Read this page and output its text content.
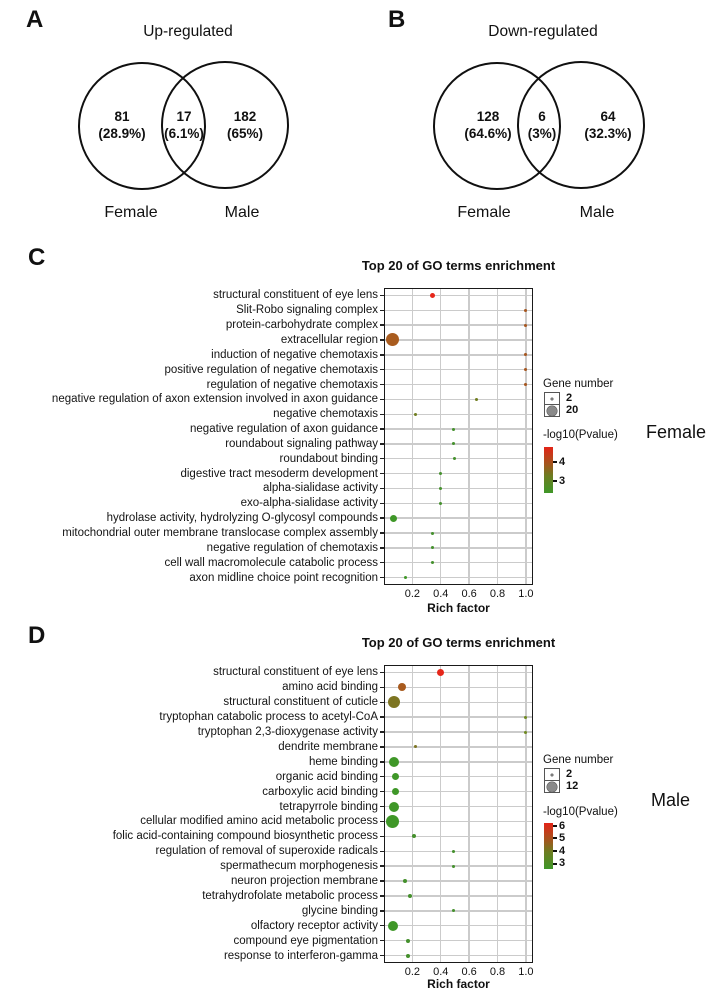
A	Up-regulated
81
(28.9%)
17
(6.1%)
182
(65%)
Female	Male
B	Down-regulated
128
(64.6%)
6
(3%)
64
(32.3%)
Female	Male
C
D
Top 20 of GO terms enrichment
0.2	0.4	0.6	0.8	1.0
structural constituent of eye lens
Slit-Robo signaling complex
protein-carbohydrate complex
extracellular region
induction of negative chemotaxis
positive regulation of negative chemotaxis
regulation of negative chemotaxis
negative regulation of axon extension involved in axon guidance
negative chemotaxis
negative regulation of axon guidance
roundabout signaling pathway
roundabout binding
digestive tract mesoderm development
alpha-sialidase activity
exo-alpha-sialidase activity
hydrolase activity, hydrolyzing O-glycosyl compounds
mitochondrial outer membrane translocase complex assembly
negative regulation of chemotaxis
cell wall macromolecule catabolic process
axon midline choice point recognition
Rich factor
Gene number
2
20
-log10(Pvalue)
4
3
Female
Top 20 of GO terms enrichment
0.2	0.4	0.6	0.8	1.0
structural constituent of eye lens
amino acid binding
structural constituent of cuticle
tryptophan catabolic process to acetyl-CoA
tryptophan 2,3-dioxygenase activity
dendrite membrane
heme binding
organic acid binding
carboxylic acid binding
tetrapyrrole binding
cellular modified amino acid metabolic process
folic acid-containing compound biosynthetic process
regulation of removal of superoxide radicals
spermathecum morphogenesis
neuron projection membrane
tetrahydrofolate metabolic process
glycine binding
olfactory receptor activity
compound eye pigmentation
response to interferon-gamma
Rich factor
Gene number
2
12
-log10(Pvalue)
6
5
4
3
Male
